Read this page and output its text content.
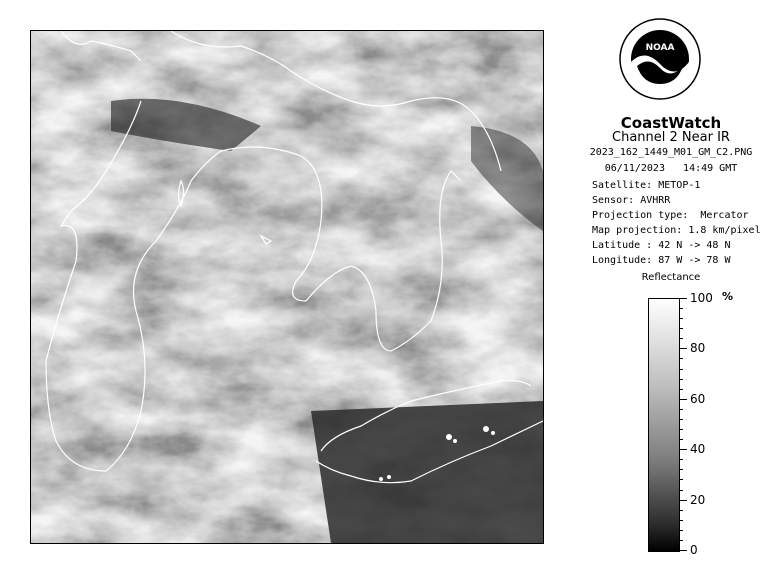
NOAA
CoastWatch
Channel 2 Near IR
2023_162_1449_M01_GM_C2.PNG
06/11/2023 14:49 GMT
Satellite: METOP-1
Sensor: AVHRR
Projection type: Mercator
Map projection: 1.8 km/pixel
Latitude : 42 N -> 48 N
Longitude: 87 W -> 78 W
Reflectance
%
100
80
60
40
20
0
